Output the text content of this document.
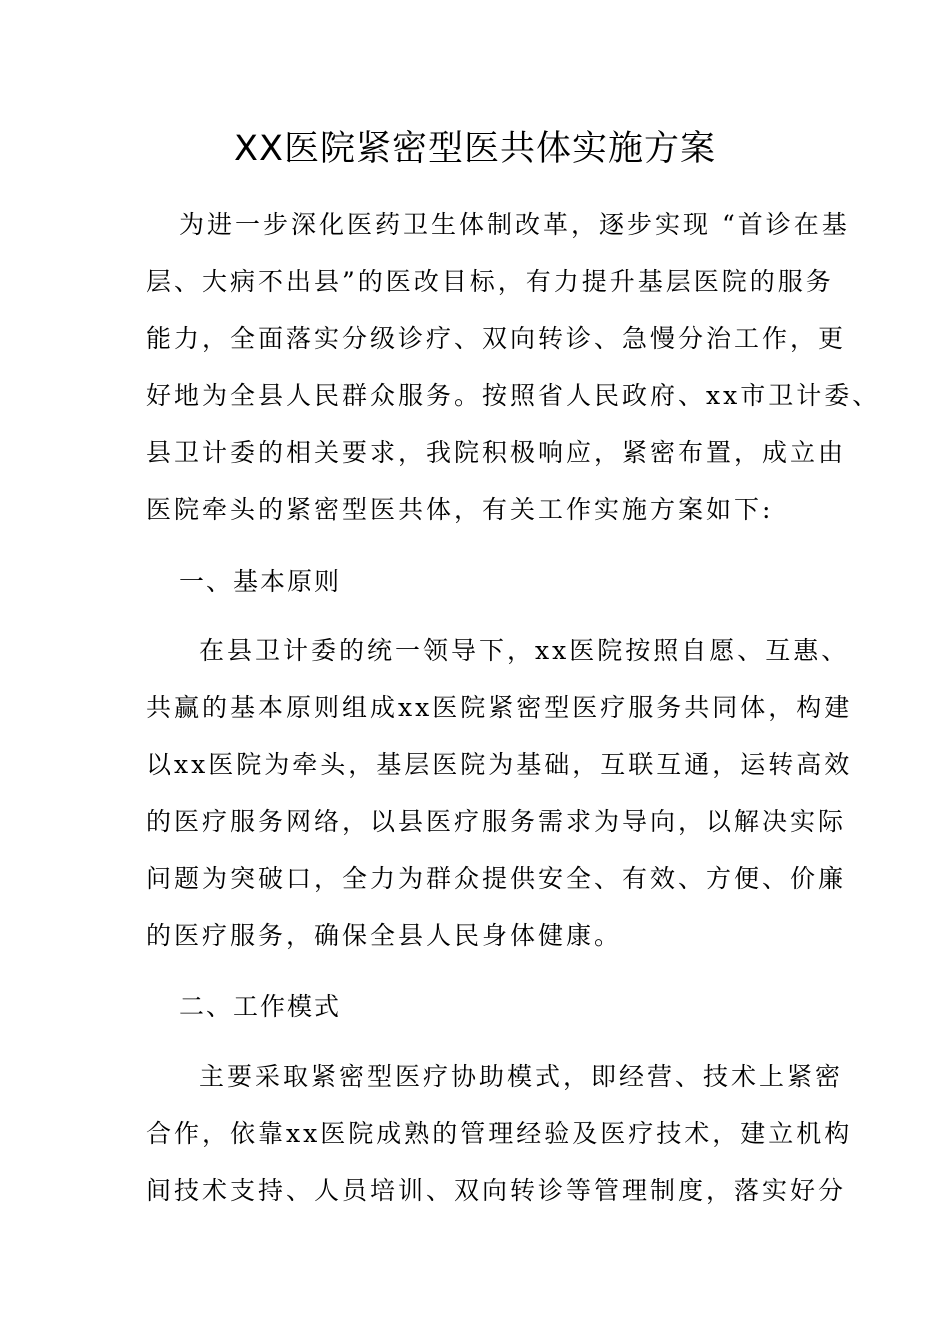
XX医院紧密型医共体实施方案
为进一步深化医药卫生体制改革，逐步实现 “首诊在基
层、大病不出县”的医改目标，有力提升基层医院的服务
能力，全面落实分级诊疗、双向转诊、急慢分治工作，更
好地为全县人民群众服务。按照省人民政府、xx市卫计委、
县卫计委的相关要求，我院积极响应，紧密布置，成立由
医院牵头的紧密型医共体，有关工作实施方案如下:
一、基本原则
在县卫计委的统一领导下，xx医院按照自愿、互惠、
共赢的基本原则组成xx医院紧密型医疗服务共同体，构建
以xx医院为牵头，基层医院为基础，互联互通，运转高效
的医疗服务网络，以县医疗服务需求为导向，以解决实际
问题为突破口，全力为群众提供安全、有效、方便、价廉
的医疗服务，确保全县人民身体健康。
二、工作模式
主要采取紧密型医疗协助模式，即经营、技术上紧密
合作，依靠xx医院成熟的管理经验及医疗技术，建立机构
间技术支持、人员培训、双向转诊等管理制度，落实好分
